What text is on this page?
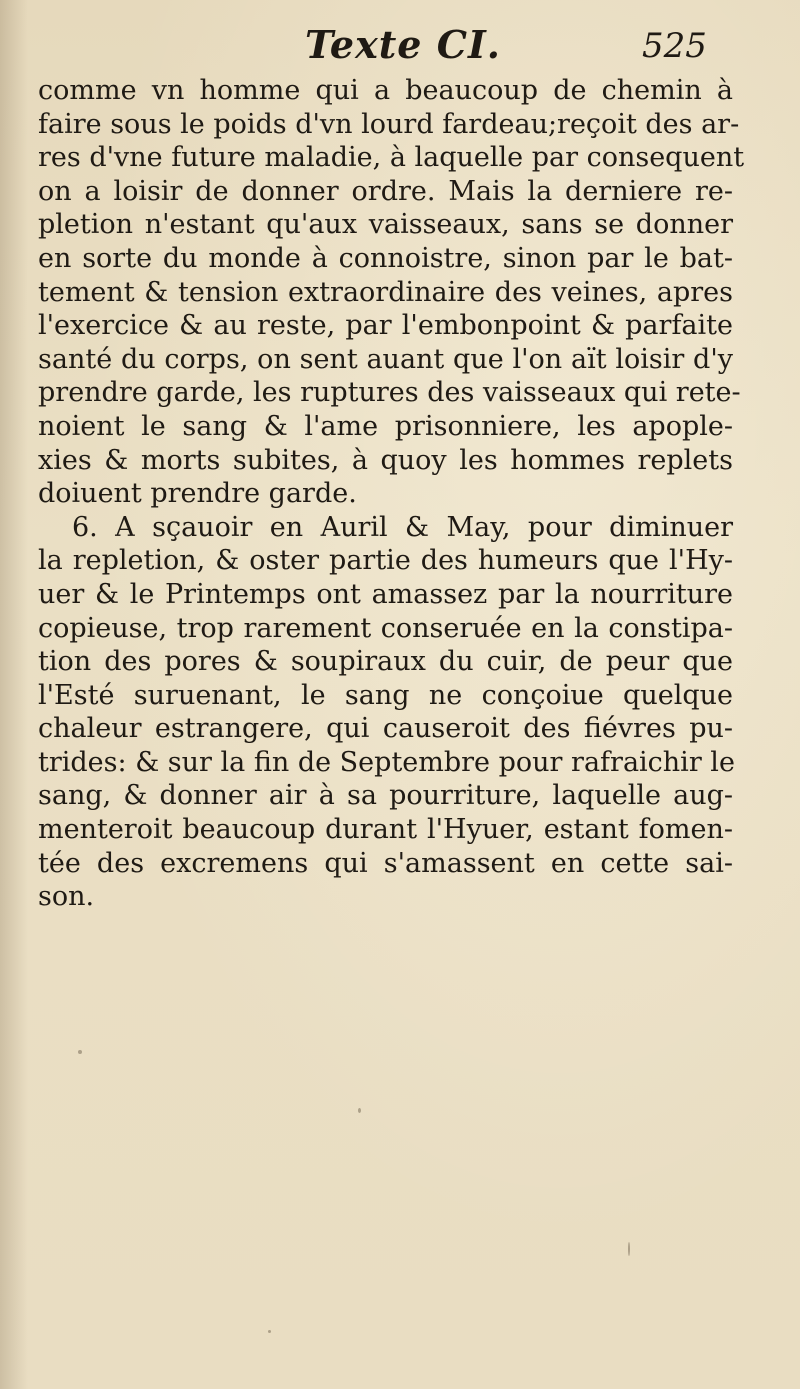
Texte CI.	525
comme vn homme qui a beaucoup de chemin à
faire sous le poids d'vn lourd fardeau;reçoit des ar-
res d'vne future maladie, à laquelle par consequent
on a loisir de donner ordre. Mais la derniere re-
pletion n'estant qu'aux vaisseaux, sans se donner
en sorte du monde à connoistre, sinon par le bat-
tement & tension extraordinaire des veines, apres
l'exercice & au reste, par l'embonpoint & parfaite
santé du corps, on sent auant que l'on aït loisir d'y
prendre garde, les ruptures des vaisseaux qui rete-
noient le sang & l'ame prisonniere, les apople-
xies & morts subites, à quoy les hommes replets
doiuent prendre garde.
6. A sçauoir en Auril & May, pour diminuer
la repletion, & oster partie des humeurs que l'Hy-
uer & le Printemps ont amassez par la nourriture
copieuse, trop rarement conseruée en la constipa-
tion des pores & soupiraux du cuir, de peur que
l'Esté suruenant, le sang ne conçoiue quelque
chaleur estrangere, qui causeroit des fiévres pu-
trides: & sur la fin de Septembre pour rafraichir le
sang, & donner air à sa pourriture, laquelle aug-
menteroit beaucoup durant l'Hyuer, estant fomen-
tée des excremens qui s'amassent en cette sai-
son.
